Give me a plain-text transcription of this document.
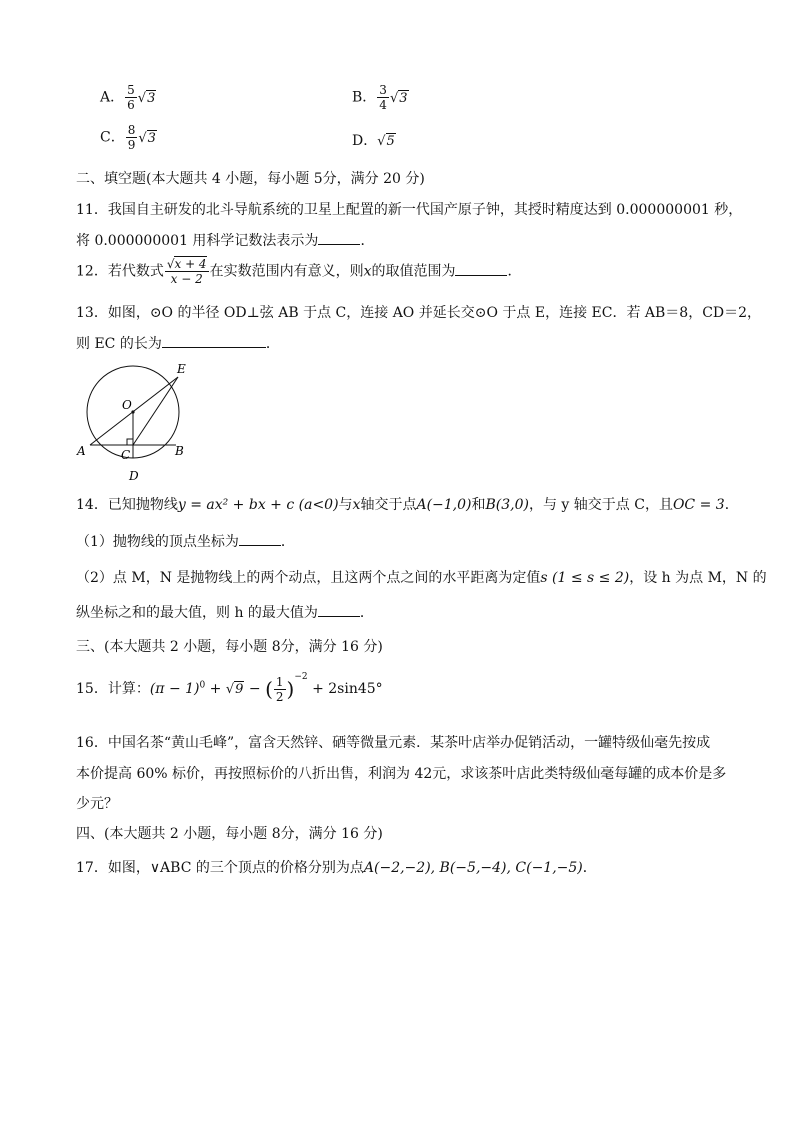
A． $\frac{5}{6} √3$	B． $\frac{3}{4} √3$
C． $\frac{8}{9} √3$	D．√5
二、填空题(本大题共 4 小题，每小题 5分，满分 20 分)
11．我国自主研发的北斗导航系统的卫星上配置的新一代国产原子钟，其授时精度达到 0.000000001 秒，
将 0.000000001 用科学记数法表示为	．
12．若代数式 $\frac{√x + 4}{x - 2}$ 在实数范围内有意义，则x的取值范围为	．
13．如图，⊙O 的半径 OD⊥弦 AB 于点 C，连接 AO 并延长交⊙O 于点 E，连接 EC．若 AB＝8，CD＝2，
则 EC 的长为	．
E
O
A	C	B
D
14．已知抛物线y = ax² + bx + c (a<0)与x轴交于点A(−1,0)和B(3,0)，与 y 轴交于点 C，且OC = 3．
（1）抛物线的顶点坐标为	．
（2）点 M，N 是抛物线上的两个动点，且这两个点之间的水平距离为定值s (1 ≤ s ≤ 2)，设 h 为点 M，N 的
纵坐标之和的最大值，则 h 的最大值为	．
三、(本大题共 2 小题，每小题 8分，满分 16 分)
15．计算：$(\pi - 1)^0 + √9$ − ( $\frac{1}{2} )^{-2} + 2\sin 45^\circ$
16．中国名茶“黄山毛峰”，富含天然锌、硒等微量元素．某茶叶店举办促销活动，一罐特级仙毫先按成
本价提高 60% 标价，再按照标价的八折出售，利润为 42元，求该茶叶店此类特级仙毫每罐的成本价是多
少元？
四、(本大题共 2 小题，每小题 8分，满分 16 分)
17．如图，∨ABC 的三个顶点的价格分别为点A(−2,−2), B(−5,−4), C(−1,−5)．
